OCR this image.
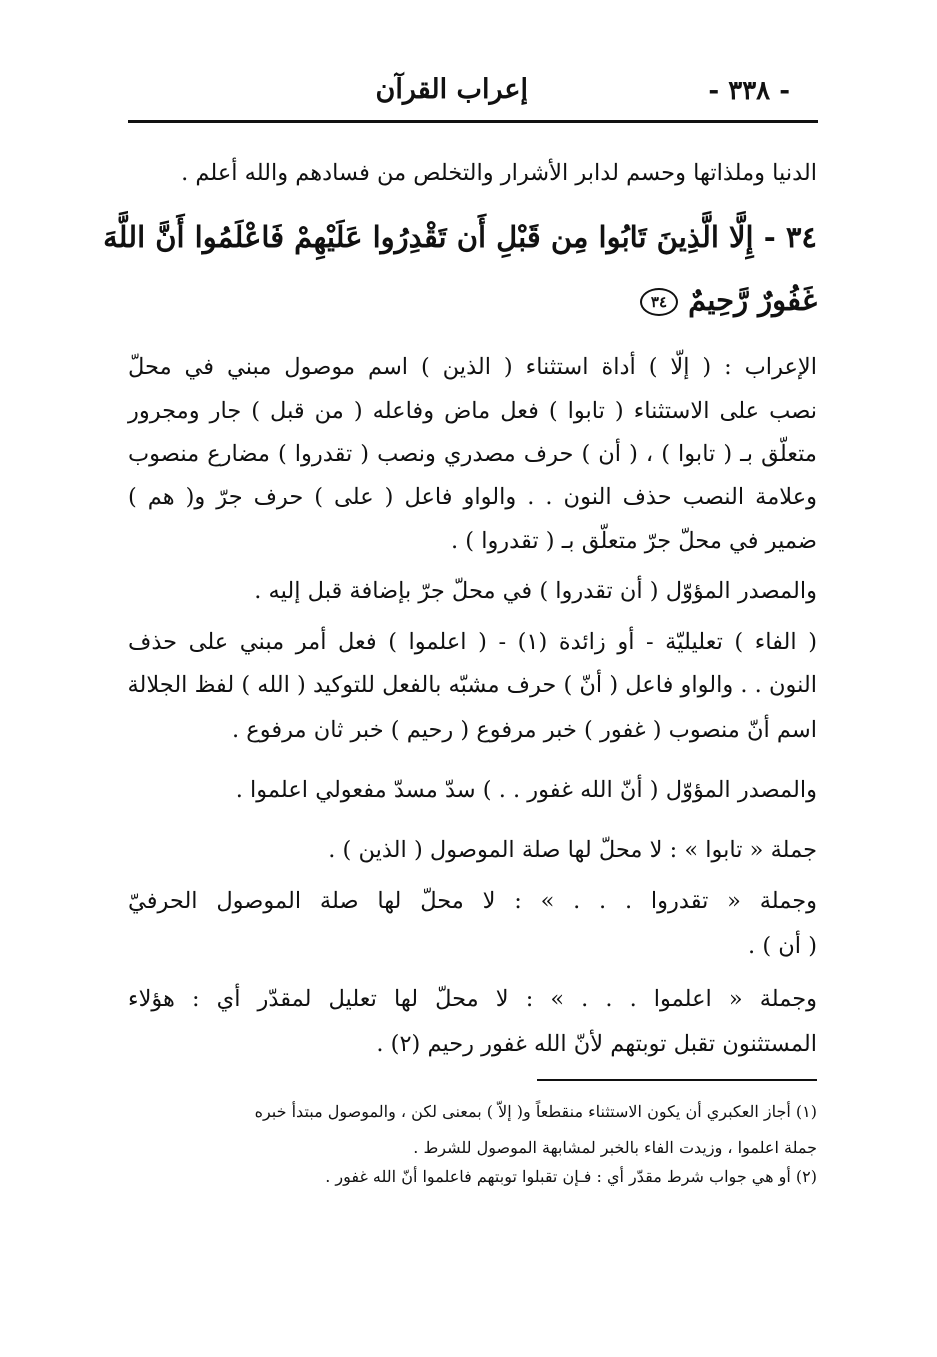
- ٣٣٨ -
إعراب القرآن
الدنيا وملذاتها وحسم لدابر الأشرار والتخلص من فسادهم والله أعلم .
٣٤ - إِلَّا الَّذِينَ تَابُوا مِن قَبْلِ أَن تَقْدِرُوا عَلَيْهِمْ فَاعْلَمُوا أَنَّ اللَّهَ
غَفُورٌ رَّحِيمٌ ٣٤
الإعراب : ( إلّا ) أداة استثناء ( الذين ) اسم موصول مبني في محلّ
نصب على الاستثناء ( تابوا ) فعل ماض وفاعله ( من قبل ) جار ومجرور
متعلّق بـ ( تابوا ) ، ( أن ) حرف مصدري ونصب ( تقدروا ) مضارع منصوب
وعلامة النصب حذف النون . . والواو فاعل ( على ) حرف جرّ و( هم )
ضمير في محلّ جرّ متعلّق بـ ( تقدروا ) .
والمصدر المؤوّل ( أن تقدروا ) في محلّ جرّ بإضافة قبل إليه .
( الفاء ) تعليليّة - أو زائدة (١) - ( اعلموا ) فعل أمر مبني على حذف
النون . . والواو فاعل ( أنّ ) حرف مشبّه بالفعل للتوكيد ( الله ) لفظ الجلالة
اسم أنّ منصوب ( غفور ) خبر مرفوع ( رحيم ) خبر ثان مرفوع .
والمصدر المؤوّل ( أنّ الله غفور . . ) سدّ مسدّ مفعولي اعلموا .
جملة « تابوا » : لا محلّ لها صلة الموصول ( الذين ) .
وجملة « تقدروا . . . » : لا محلّ لها صلة الموصول الحرفيّ
( أن ) .
وجملة « اعلموا . . . » : لا محلّ لها تعليل لمقدّر أي : هؤلاء
المستثنون تقبل توبتهم لأنّ الله غفور رحيم (٢) .
(١) أجاز العكبري أن يكون الاستثناء منقطعاً و( إلاّ ) بمعنى لكن ، والموصول مبتدأ خبره
جملة اعلموا ، وزيدت الفاء بالخبر لمشابهة الموصول للشرط .
(٢) أو هي جواب شرط مقدّر أي : فـإن تقبلوا توبتهم فاعلموا أنّ الله غفور .
